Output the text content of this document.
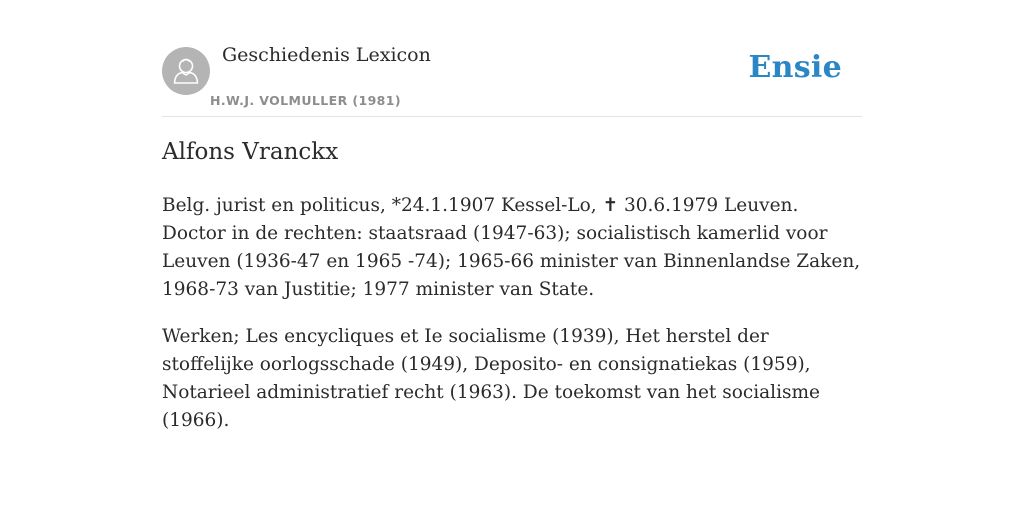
Geschiedenis Lexicon
H.W.J. VOLMULLER (1981)
Ensie
Alfons Vranckx

Belg. jurist en politicus, *24.1.1907 Kessel-Lo, ✝ 30.6.1979 Leuven. Doctor in de rechten: staatsraad (1947-63); socialistisch kamerlid voor Leuven (1936-47 en 1965 -74); 1965-66 minister van Binnenlandse Zaken, 1968-73 van Justitie; 1977 minister van State.

Werken; Les encycliques et Ie socialisme (1939), Het herstel der stoffelijke oorlogsschade (1949), Deposito- en consignatiekas (1959), Notarieel administratief recht (1963). De toekomst van het socialisme (1966).
